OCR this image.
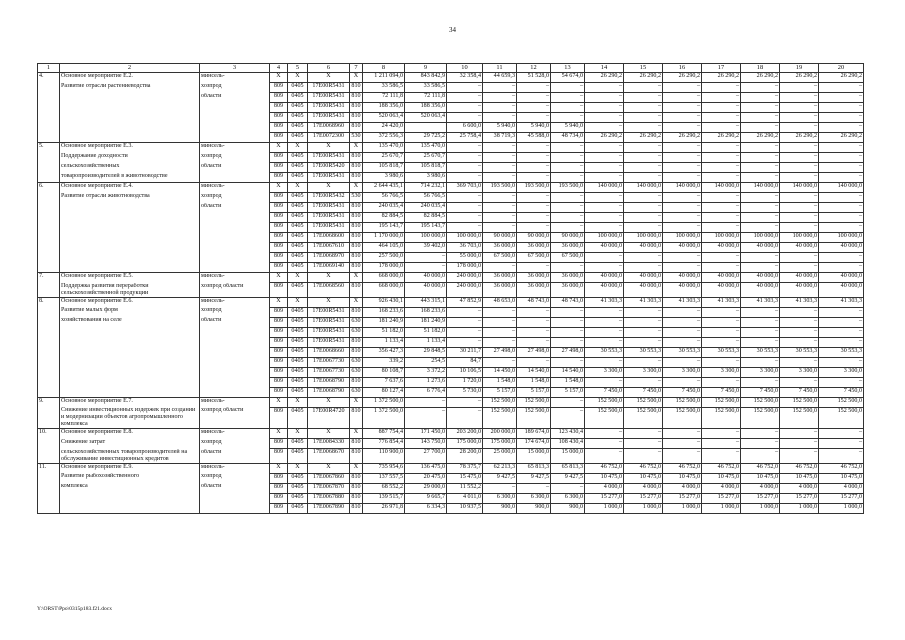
34
1	2	3	4	5	6	7	8	9	10	11	12	13	14	15	16	17	18	19	20
4.	Основное мероприятие Е.2.	минсель-	X	X	X	X	1 211 094,0	843 842,9	32 358,4	44 659,3	51 528,0	54 674,0	26 290,2	26 290,2	26 290,2	26 290,2	26 290,2	26 290,2	26 290,2
	Развитие отрасли растениеводства	хозпрод	809	0405	17Е00R5431	810	33 586,5	33 586,5	–	–	–	–	–	–	–	–	–	–	–
		области	809	0405	17Е00R5431	810	72 111,8	72 111,8	–	–	–	–	–	–	–	–	–	–	–
			809	0405	17Е00R5431	810	188 356,0	188 356,0	–	–	–	–	–	–	–	–	–	–	–
			809	0405	17Е00R5431	810	520 063,4	520 063,4	–	–	–	–	–	–	–	–	–	–	–
			809	0405	17Е0068960	810	24 420,0		6 600,0	5 940,0	5 940,0	5 940,0	–	–	–	–	–	–	–
			809	0405	17Е0072300	530	372 556,3	29 725,2	25 758,4	38 719,3	45 588,0	48 734,0	26 290,2	26 290,2	26 290,2	26 290,2	26 290,2	26 290,2	26 290,2
5.	Основное мероприятие Е.3.	минсель-	X	X	X	X	135 470,0	135 470,0	–	–	–	–	–	–	–	–	–	–	–
	Поддержание доходности	хозпрод	809	0405	17Е00R5431	810	25 670,7	25 670,7	–	–	–	–	–	–	–	–	–	–	–
	сельскохозяйственных	области	809	0405	17Е00R5420	810	105 818,7	105 818,7	–	–	–	–	–	–	–	–	–	–	–
	товаропроизводителей в животноводстве		809	0405	17Е00R5431	810	3 980,6	3 980,6	–	–	–	–	–	–	–	–	–	–	–
6.	Основное мероприятие Е.4.	минсель-	X	X	X	X	2 644 435,1	714 232,1	369 703,0	193 500,0	193 500,0	193 500,0	140 000,0	140 000,0	140 000,0	140 000,0	140 000,0	140 000,0	140 000,0
	Развитие отрасли животноводства	хозпрод	809	0405	17Е00R5432	530	56 766,5	56 766,5	–	–	–	–	–	–	–	–	–	–	–
		области	809	0405	17Е00R5431	810	240 035,4	240 035,4	–	–	–	–	–	–	–	–	–	–	–
			809	0405	17Е00R5431	810	82 884,5	82 884,5	–	–	–	–	–	–	–	–	–	–	–
			809	0405	17Е00R5431	810	195 143,7	195 143,7	–	–	–	–	–	–	–	–	–	–	–
			809	0405	17Е0068600	810	1 170 000,0	100 000,0	100 000,0	90 000,0	90 000,0	90 000,0	100 000,0	100 000,0	100 000,0	100 000,0	100 000,0	100 000,0	100 000,0
			809	0405	17Е0067610	810	464 105,0	39 402,0	36 703,0	36 000,0	36 000,0	36 000,0	40 000,0	40 000,0	40 000,0	40 000,0	40 000,0	40 000,0	40 000,0
			809	0405	17Е0068970	810	257 500,0	–	55 000,0	67 500,0	67 500,0	67 500,0	–	–	–	–	–	–	–
			809	0405	17Е0069140	810	178 000,0	–	178 000,0	–	–	–	–	–	–	–	–	–	–
7.	Основное мероприятие Е.5.	минсель-	X	X	X	X	668 000,0	40 000,0	240 000,0	36 000,0	36 000,0	36 000,0	40 000,0	40 000,0	40 000,0	40 000,0	40 000,0	40 000,0	40 000,0
	Поддержка развития переработки сельскохозяйственной продукции	хозпрод области	809	0405	17Е0068560	810	668 000,0	40 000,0	240 000,0	36 000,0	36 000,0	36 000,0	40 000,0	40 000,0	40 000,0	40 000,0	40 000,0	40 000,0	40 000,0
8.	Основное мероприятие Е.6.	минсель-	X	X	X	X	926 430,1	443 315,1	47 852,9	48 653,0	48 743,0	48 743,0	41 303,3	41 303,3	41 303,3	41 303,3	41 303,3	41 303,3	41 303,3
	Развитие малых форм	хозпрод	809	0405	17Е00R5431	810	168 233,6	168 233,6	–	–	–	–	–	–	–	–	–	–	–
	хозяйствования на селе	области	809	0405	17Е00R5431	630	181 240,9	181 240,9	–	–	–	–	–	–	–	–	–	–	–
			809	0405	17Е00R5431	630	51 182,0	51 182,0	–	–	–	–	–	–	–	–	–	–	–
			809	0405	17Е00R5431	810	1 133,4	1 133,4	–	–	–	–	–	–	–	–	–	–	–
			809	0405	17Е0068660	810	356 427,3	29 848,5	30 211,7	27 498,0	27 498,0	27 498,0	30 553,3	30 553,3	30 553,3	30 553,3	30 553,3	30 553,3	30 553,3
			809	0405	17Е0067730	630	339,2	254,5	84,7	–	–	–	–	–	–	–	–	–	–
			809	0405	17Е0067730	630	80 108,7	3 372,2	10 106,5	14 450,0	14 540,0	14 540,0	3 300,0	3 300,0	3 300,0	3 300,0	3 300,0	3 300,0	3 300,0
			809	0405	17Е0068790	810	7 637,6	1 273,6	1 720,0	1 548,0	1 548,0	1 548,0	–	–	–	–	–	–	–
			809	0405	17Е0068790	630	80 127,4	6 776,4	5 730,0	5 157,0	5 157,0	5 157,0	7 450,0	7 450,0	7 450,0	7 450,0	7 450,0	7 450,0	7 450,0
9.	Основное мероприятие Е.7.	минсель-	X	X	X	X	1 372 500,0	–	–	152 500,0	152 500,0	–	152 500,0	152 500,0	152 500,0	152 500,0	152 500,0	152 500,0	152 500,0
	Снижение инвестиционных издержек при создании и модернизации объектов агропромышленного комплекса	хозпрод области	809	0405	17Е00R4720	810	1 372 500,0	–	–	152 500,0	152 500,0	–	152 500,0	152 500,0	152 500,0	152 500,0	152 500,0	152 500,0	152 500,0
10.	Основное мероприятие Е.8.	минсель-	X	X	X	X	887 754,4	171 450,0	203 200,0	200 000,0	189 674,0	123 430,4	–	–	–	–	–	–	–
	Снижение затрат	хозпрод	809	0405	17Е0084330	810	776 854,4	143 750,0	175 000,0	175 000,0	174 674,0	108 430,4	–	–	–	–	–	–	–
	сельскохозяйственных товаропроизводителей на обслуживание инвестиционных кредитов	области	809	0405	17Е0068670	810	110 900,0	27 700,0	28 200,0	25 000,0	15 000,0	15 000,0	–	–	–	–	–	–	–
11.	Основное мероприятие Е.9.	минсель-	X	X	X	X	735 954,6	136 475,0	78 375,7	62 213,3	65 813,3	65 813,3	46 752,0	46 752,0	46 752,0	46 752,0	46 752,0	46 752,0	46 752,0
	Развитие рыбохозяйственного	хозпрод	809	0405	17Е0067860	810	137 557,5	20 475,0	15 475,0	9 427,5	9 427,5	9 427,5	10 475,0	10 475,0	10 475,0	10 475,0	10 475,0	10 475,0	10 475,0
	комплекса	области	809	0405	17Е0067870	810	68 552,2	29 000,0	11 552,2	–	–	–	4 000,0	4 000,0	4 000,0	4 000,0	4 000,0	4 000,0	4 000,0
			809	0405	17Е0067880	810	139 515,7	9 665,7	4 011,0	6 300,0	6 300,0	6 300,0	15 277,0	15 277,0	15 277,0	15 277,0	15 277,0	15 277,0	15 277,0
			809	0405	17Е0067890	810	26 971,8	6 334,3	10 937,5	900,0	900,0	900,0	1 000,0	1 000,0	1 000,0	1 000,0	1 000,0	1 000,0	1 000,0
Y:\ORST\Ppo\0315p183.f21.docx
